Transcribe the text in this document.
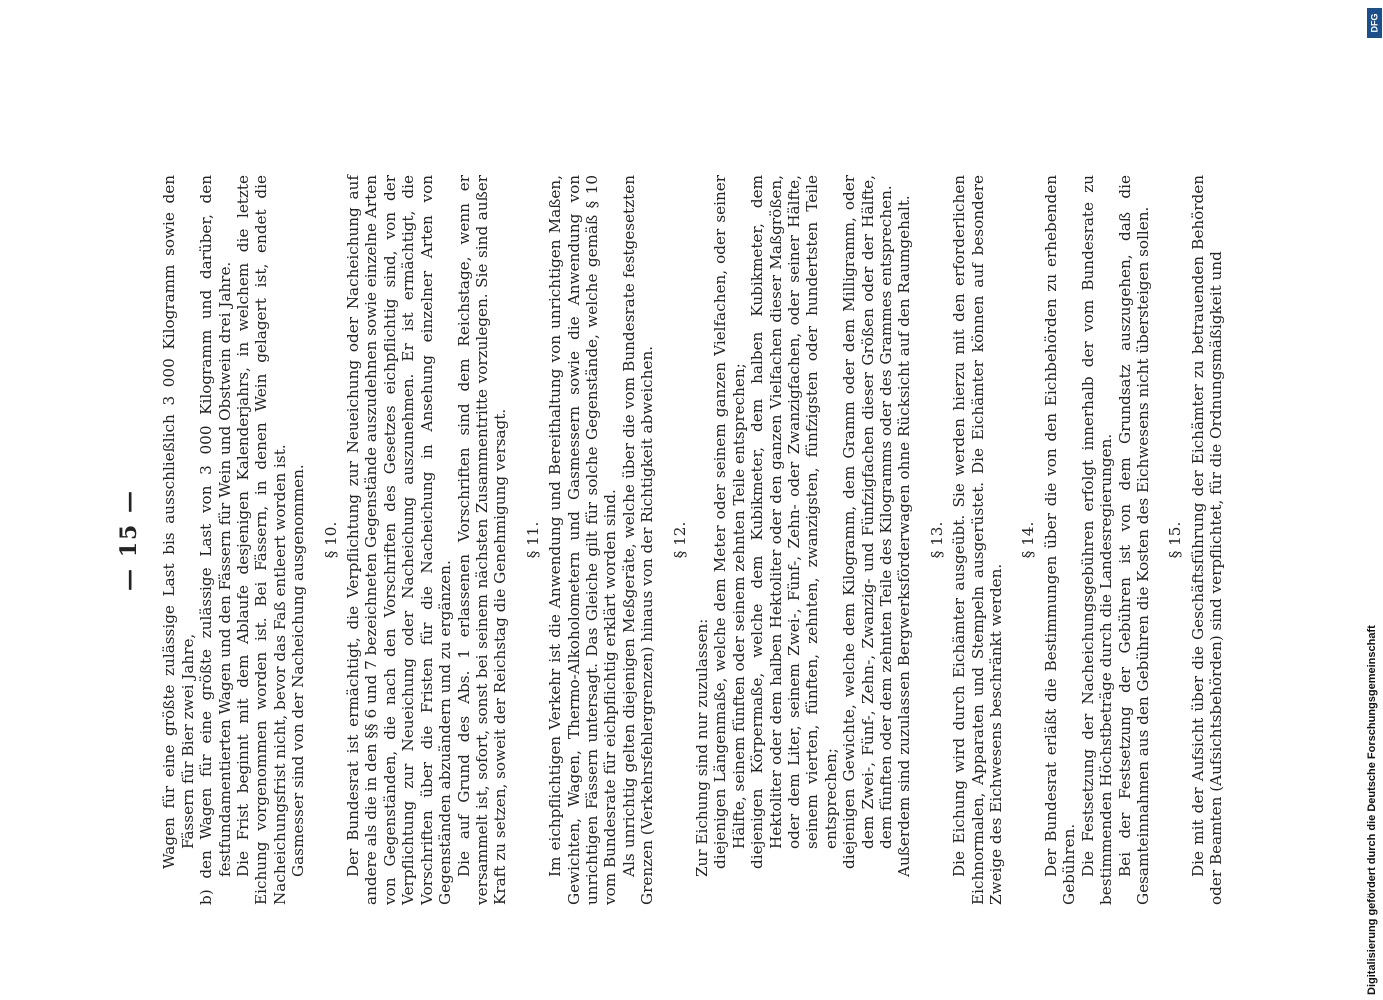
— 15 — Wagen für eine größte zulässige Last bis ausschließlich 3 000 Kilogramm sowie den Fässern für Bier zwei Jahre, b) den Wagen für eine größte zulässige Last von 3 000 Kilogramm und darüber, den festfundamentierten Wagen und den Fässern für Wein und Obstwein drei Jahre. Die Frist beginnt mit dem Ablaufe desjenigen Kalenderjahrs, in welchem die letzte Eichung vorgenommen worden ist. Bei Fässern, in denen Wein gelagert ist, endet die Nacheichungsfrist nicht, bevor das Faß entleert worden ist. Gasmesser sind von der Nacheichung ausgenommen. § 10. Der Bundesrat ist ermächtigt, die Verpflichtung zur Neueichung oder Nacheichung auf andere als die in den §§ 6 und 7 bezeichneten Gegenstände auszudehnen sowie einzelne Arten von Gegenständen, die nach den Vorschriften des Gesetzes eichpflichtig sind, von der Verpflichtung zur Neueichung oder Nacheichung auszunehmen. Er ist ermächtigt, die Vorschriften über die Fristen für die Nacheichung in Ansehung einzelner Arten von Gegenständen abzuändern und zu ergänzen. Die auf Grund des Abs. 1 erlassenen Vorschriften sind dem Reichstage, wenn er versammelt ist, sofort, sonst bei seinem nächsten Zusammentritte vorzulegen. Sie sind außer Kraft zu setzen, soweit der Reichstag die Genehmigung versagt. § 11. Im eichpflichtigen Verkehr ist die Anwendung und Bereithaltung von unrichtigen Maßen, Gewichten, Wagen, Thermo-Alkoholometern und Gasmessern sowie die Anwendung von unrichtigen Fässern untersagt. Das Gleiche gilt für solche Gegenstände, welche gemäß § 10 vom Bundesrate für eichpflichtig erklärt worden sind. Als unrichtig gelten diejenigen Meßgeräte, welche über die vom Bundesrate festgesetzten Grenzen (Verkehrsfehlergrenzen) hinaus von der Richtigkeit abweichen. § 12.

Zur Eichung sind nur zuzulassen: diejenigen Längenmaße, welche dem Meter oder seinem ganzen Vielfachen, oder seiner Hälfte, seinem fünften oder seinem zehnten Teile entsprechen; diejenigen Körpermaße, welche dem Kubikmeter, dem halben Kubikmeter, dem Hektoliter oder dem halben Hektoliter oder den ganzen Vielfachen dieser Maßgrößen, oder dem Liter, seinem Zwei-, Fünf-, Zehn- oder Zwanzigfachen, oder seiner Hälfte, seinem vierten, fünften, zehnten, zwanzigsten, fünfzigsten oder hundertsten Teile entsprechen; diejenigen Gewichte, welche dem Kilogramm, dem Gramm oder dem Milligramm, oder dem Zwei-, Fünf-, Zehn-, Zwanzig- und Fünfzigfachen dieser Größen oder der Hälfte, dem fünften oder dem zehnten Teile des Kilogramms oder des Grammes entsprechen. Außerdem sind zuzulassen Bergwerksförderwagen ohne Rücksicht auf den Raumgehalt. § 13. Die Eichung wird durch Eichämter ausgeübt. Sie werden hierzu mit den erforderlichen Eichnormalen, Apparaten und Stempeln ausgerüstet. Die Eichämter können auf besondere Zweige des Eichwesens beschränkt werden.

§ 14. Der Bundesrat erläßt die Bestimmungen über die von den Eichbehörden zu erhebenden Gebühren. Die Festsetzung der Nacheichungsgebühren erfolgt innerhalb der vom Bundesrate zu bestimmenden Höchstbeträge durch die Landesregierungen. Bei der Festsetzung der Gebühren ist von dem Grundsatz auszugehen, daß die Gesamteinnahmen aus den Gebühren die Kosten des Eichwesens nicht übersteigen sollen. § 15. Die mit der Aufsicht über die Geschäftsführung der Eichämter zu betrauenden Behörden oder Beamten (Aufsichtsbehörden) sind verpflichtet, für die Ordnungsmäßigkeit und

DFG
Digitalisierung gefördert durch die Deutsche Forschungsgemeinschaft
